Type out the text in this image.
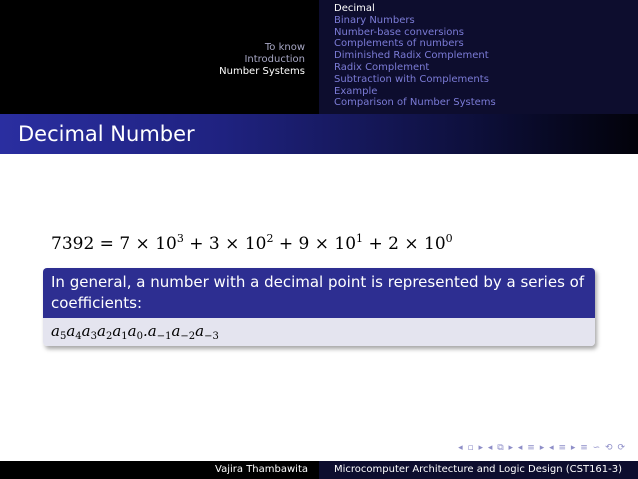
To know
Introduction
Number Systems
Decimal
Binary Numbers
Number-base conversions
Complements of numbers
Diminished Radix Complement
Radix Complement
Subtraction with Complements
Example
Comparison of Number Systems
Decimal Number
$7392 = 7 \times 10^3 + 3 \times 10^2 + 9 \times 10^1 + 2 \times 10^0$
In general, a number with a decimal point is represented by a series of coefficients:
$a_5a_4a_3a_2a_1a_0.a_{-1}a_{-2}a_{-3}$
◂ ▫ ▸ ◂ ⧉ ▸ ◂ ≡ ▸ ◂ ≡ ▸ ≡ ∽ ⟲ ⟳
Vajira Thambawita	Microcomputer Architecture and Logic Design (CST161-3)
